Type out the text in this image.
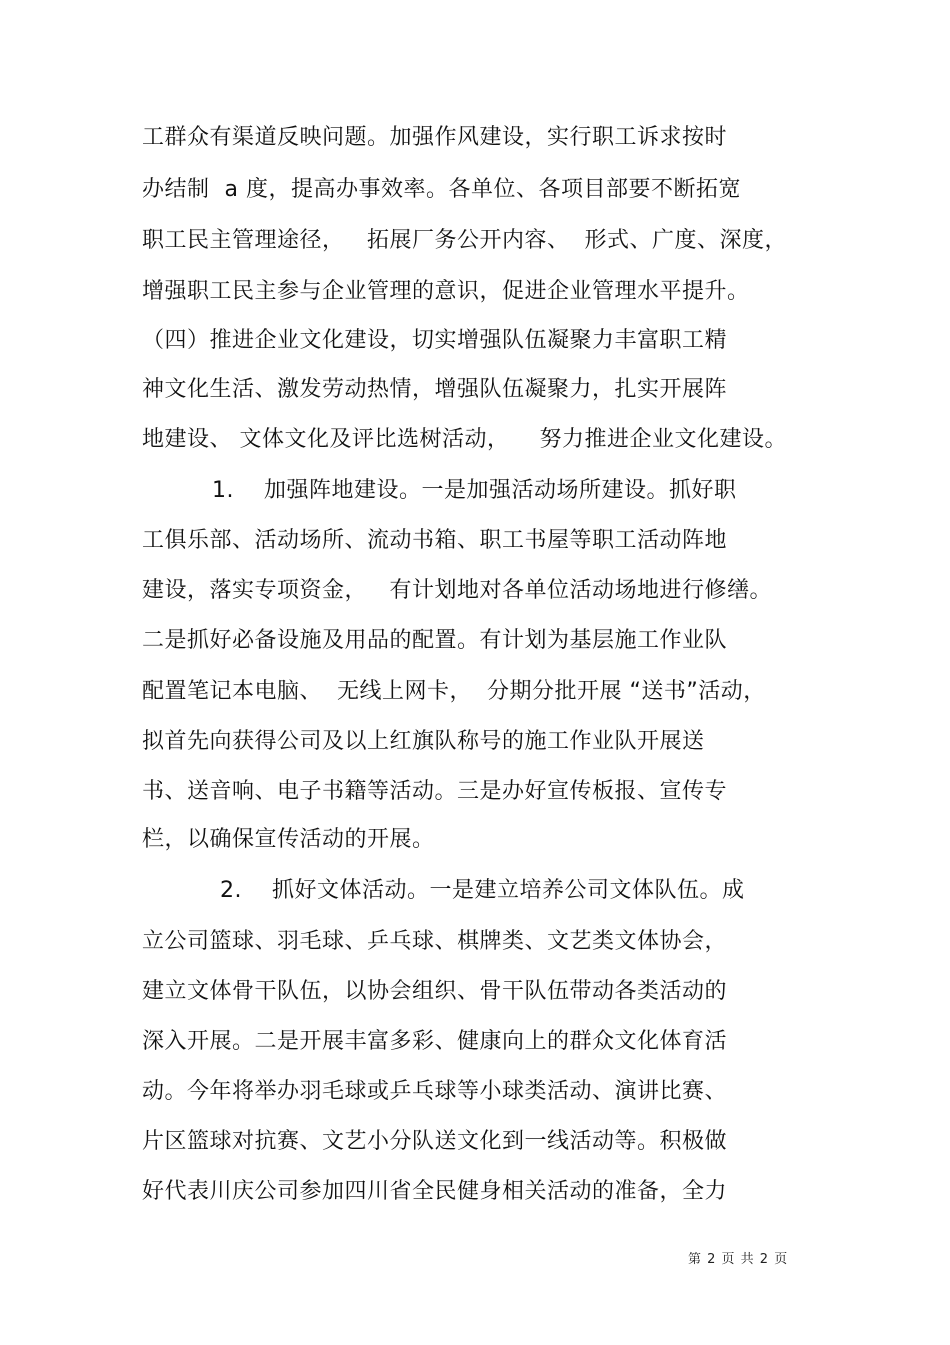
工群众有渠道反映问题。加强作风建设，实行职工诉求按时
办结制  a 度，提高办事效率。各单位、各项目部要不断拓宽
职工民主管理途径，   拓展厂务公开内容、  形式、广度、深度，
增强职工民主参与企业管理的意识，促进企业管理水平提升。
（四）推进企业文化建设，切实增强队伍凝聚力丰富职工精
神文化生活、激发劳动热情，增强队伍凝聚力，扎实开展阵
地建设、 文体文化及评比选树活动，    努力推进企业文化建设。
1.    加强阵地建设。一是加强活动场所建设。抓好职
工俱乐部、活动场所、流动书箱、职工书屋等职工活动阵地
建设，落实专项资金，   有计划地对各单位活动场地进行修缮。
二是抓好必备设施及用品的配置。有计划为基层施工作业队
配置笔记本电脑、  无线上网卡，  分期分批开展 “送书”活动，
拟首先向获得公司及以上红旗队称号的施工作业队开展送
书、送音响、电子书籍等活动。三是办好宣传板报、宣传专
栏，以确保宣传活动的开展。
2.    抓好文体活动。一是建立培养公司文体队伍。成
立公司篮球、羽毛球、乒乓球、棋牌类、文艺类文体协会，
建立文体骨干队伍，以协会组织、骨干队伍带动各类活动的
深入开展。二是开展丰富多彩、健康向上的群众文化体育活
动。今年将举办羽毛球或乒乓球等小球类活动、演讲比赛、
片区篮球对抗赛、文艺小分队送文化到一线活动等。积极做
好代表川庆公司参加四川省全民健身相关活动的准备，全力
第 2 页 共 2 页
